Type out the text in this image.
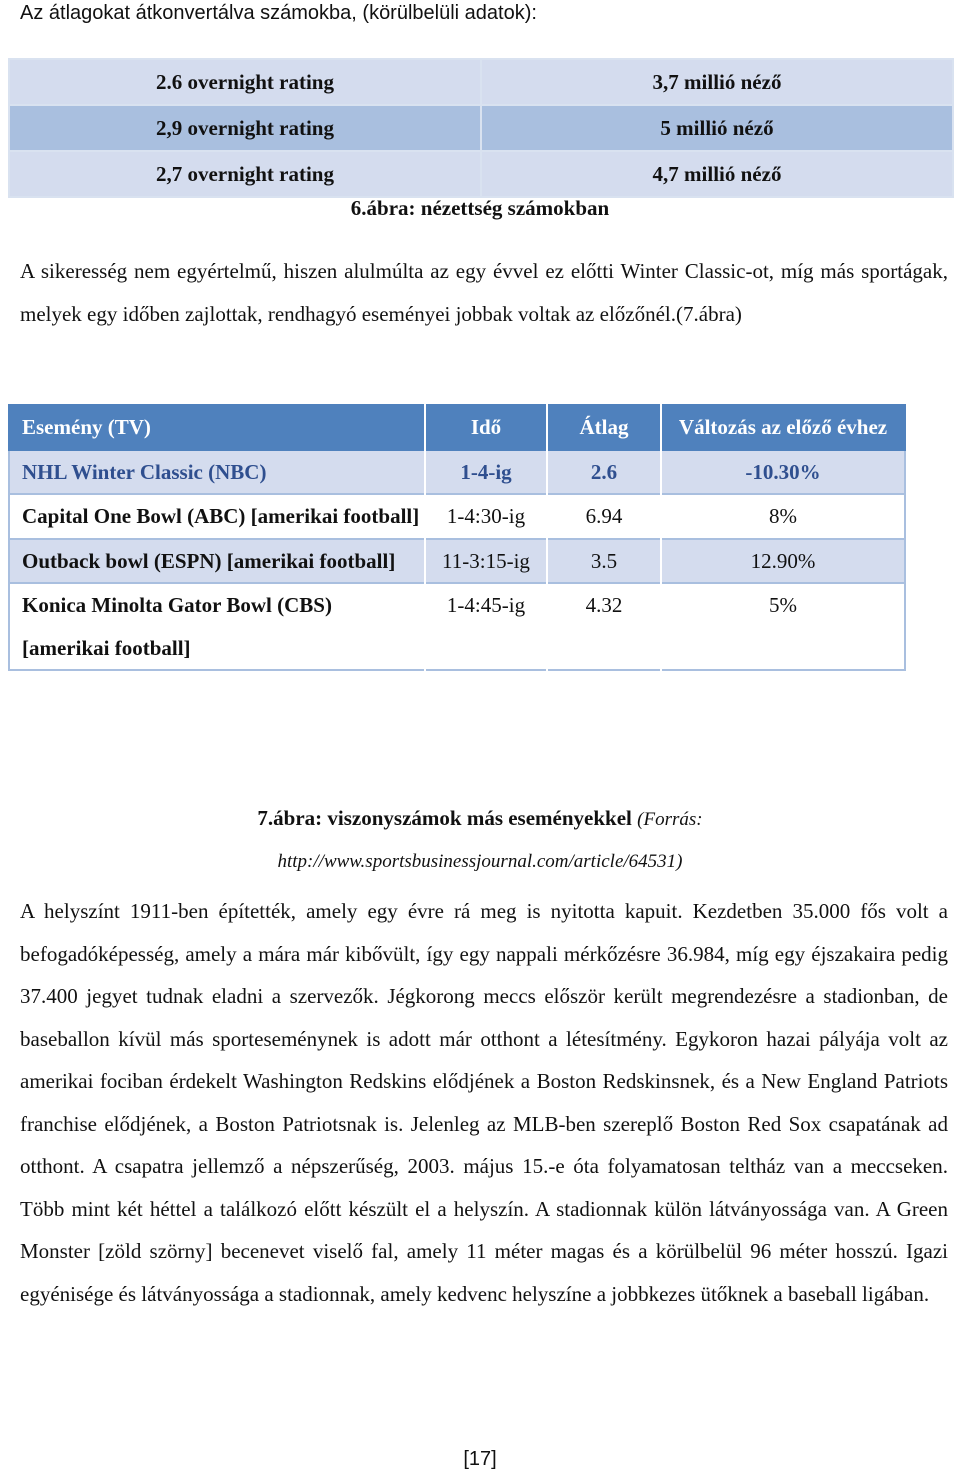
Az átlagokat átkonvertálva számokba, (körülbelüli adatok):
2.6 overnight rating	3,7 millió néző
2,9 overnight rating	5 millió néző
2,7 overnight rating	4,7 millió néző
6.ábra: nézettség számokban
A sikeresség nem egyértelmű, hiszen alulmúlta az egy évvel ez előtti Winter Classic-ot, míg más sportágak, melyek egy időben zajlottak, rendhagyó eseményei jobbak voltak az előzőnél.(7.ábra)
Esemény (TV)	Idő	Átlag	Változás az előző évhez
NHL Winter Classic (NBC)	1-4-ig	2.6	-10.30%
Capital One Bowl (ABC) [amerikai football]	1-4:30-ig	6.94	8%
Outback bowl (ESPN) [amerikai football]	11-3:15-ig	3.5	12.90%
Konica Minolta Gator Bowl (CBS) [amerikai football]	1-4:45-ig	4.32	5%
7.ábra: viszonyszámok más eseményekkel (Forrás:
http://www.sportsbusinessjournal.com/article/64531)
A helyszínt 1911-ben építették, amely egy évre rá meg is nyitotta kapuit. Kezdetben 35.000 fős volt a befogadóképesség, amely a mára már kibővült, így egy nappali mérkőzésre 36.984, míg egy éjszakaira pedig 37.400 jegyet tudnak eladni a szervezők. Jégkorong meccs először került megrendezésre a stadionban, de baseballon kívül más sporteseménynek is adott már otthont a létesítmény. Egykoron hazai pályája volt az amerikai fociban érdekelt Washington Redskins elődjének a Boston Redskinsnek, és a New England Patriots franchise elődjének, a Boston Patriotsnak is. Jelenleg az MLB-ben szereplő Boston Red Sox csapatának ad otthont. A csapatra jellemző a népszerűség, 2003. május 15.-e óta folyamatosan teltház van a meccseken. Több mint két héttel a találkozó előtt készült el a helyszín. A stadionnak külön látványossága van. A Green Monster [zöld szörny] becenevet viselő fal, amely 11 méter magas és a körülbelül 96 méter hosszú. Igazi egyénisége és látványossága a stadionnak, amely kedvenc helyszíne a jobbkezes ütőknek a baseball ligában.
[17]
